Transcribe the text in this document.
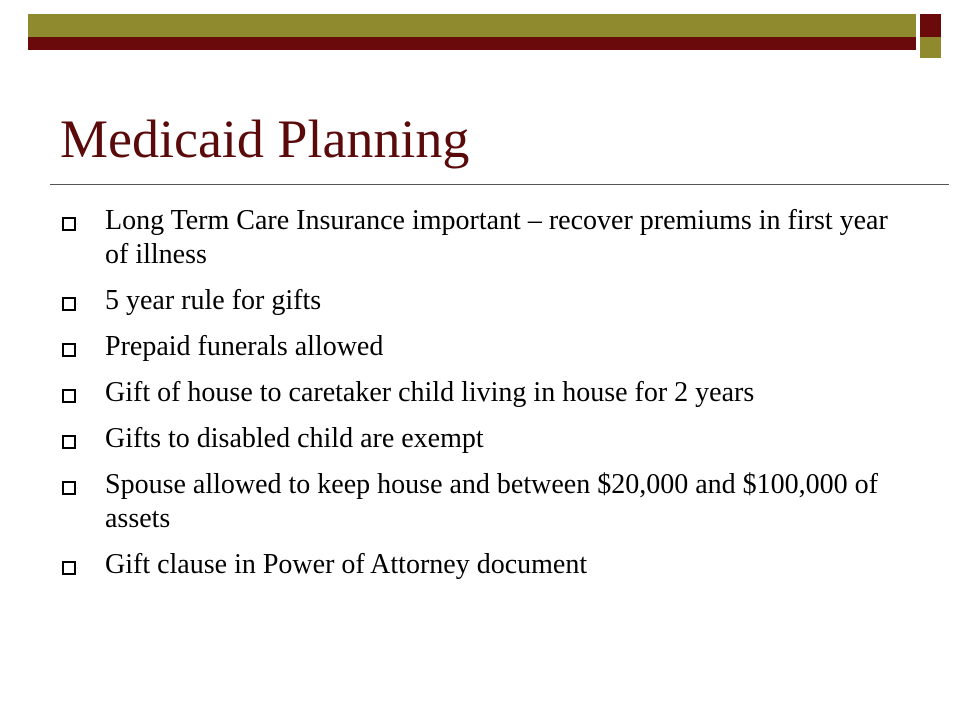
Medicaid Planning
Long Term Care Insurance important – recover premiums in first year of illness
5 year rule for gifts
Prepaid funerals allowed
Gift of house to caretaker child living in house for 2 years
Gifts to disabled child are exempt
Spouse allowed to keep house and between $20,000 and $100,000 of assets
Gift clause in Power of Attorney document
